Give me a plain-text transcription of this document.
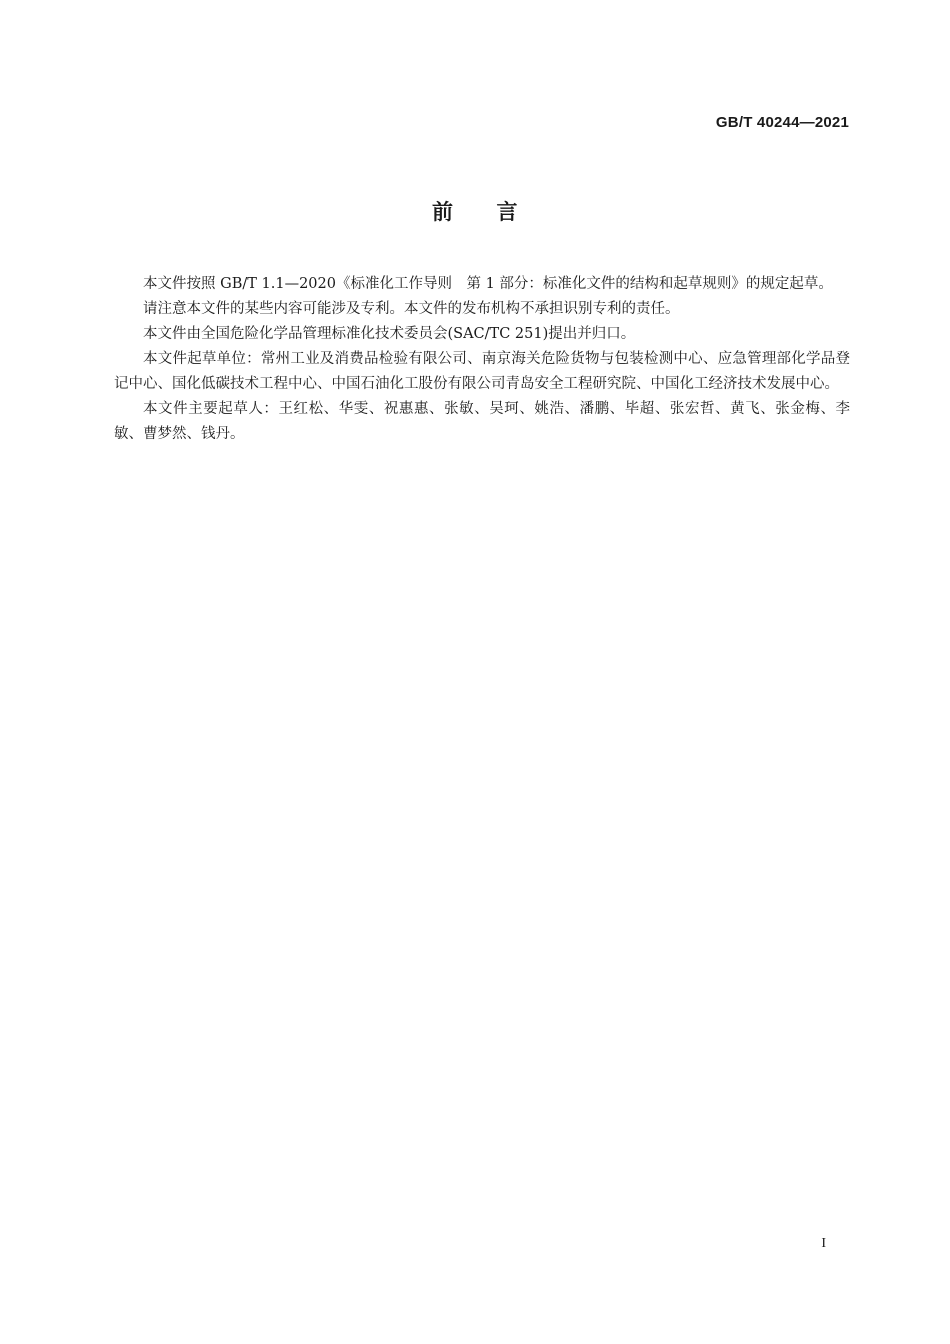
GB/T 40244—2021
前　　言

本文件按照 GB/T 1.1—2020《标准化工作导则　第 1 部分：标准化文件的结构和起草规则》的规定起草。

请注意本文件的某些内容可能涉及专利。本文件的发布机构不承担识别专利的责任。

本文件由全国危险化学品管理标准化技术委员会(SAC/TC 251)提出并归口。

本文件起草单位：常州工业及消费品检验有限公司、南京海关危险货物与包装检测中心、应急管理部化学品登记中心、国化低碳技术工程中心、中国石油化工股份有限公司青岛安全工程研究院、中国化工经济技术发展中心。

本文件主要起草人：王红松、华雯、祝惠惠、张敏、吴珂、姚浩、潘鹏、毕超、张宏哲、黄飞、张金梅、李敏、曹梦然、钱丹。

I
